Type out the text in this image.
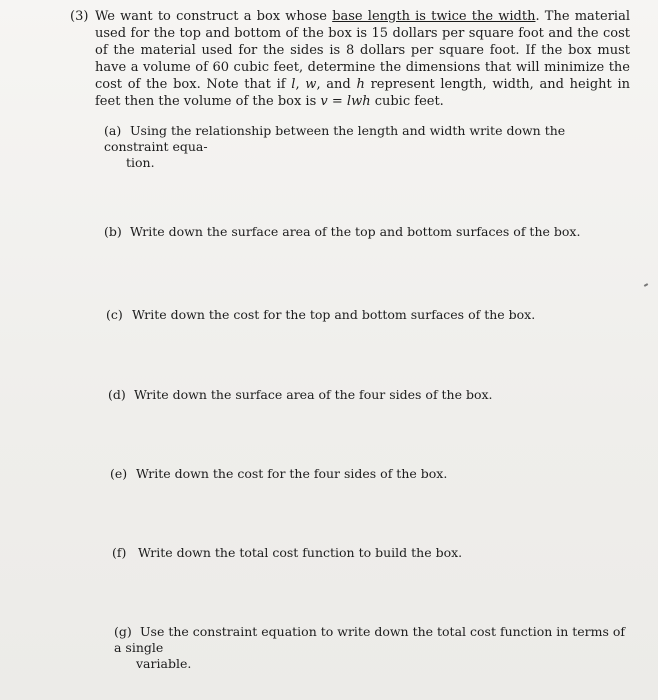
(3) We want to construct a box whose base length is twice the width. The material used for the top and bottom of the box is 15 dollars per square foot and the cost of the material used for the sides is 8 dollars per square foot. If the box must have a volume of 60 cubic feet, determine the dimensions that will minimize the cost of the box. Note that if l, w, and h represent length, width, and height in feet then the volume of the box is v = lwh cubic feet.
(a) Using the relationship between the length and width write down the constraint equa-
tion.
(b) Write down the surface area of the top and bottom surfaces of the box.
(c) Write down the cost for the top and bottom surfaces of the box.
(d) Write down the surface area of the four sides of the box.
(e) Write down the cost for the four sides of the box.
(f) Write down the total cost function to build the box.
(g) Use the constraint equation to write down the total cost function in terms of a single
variable.
